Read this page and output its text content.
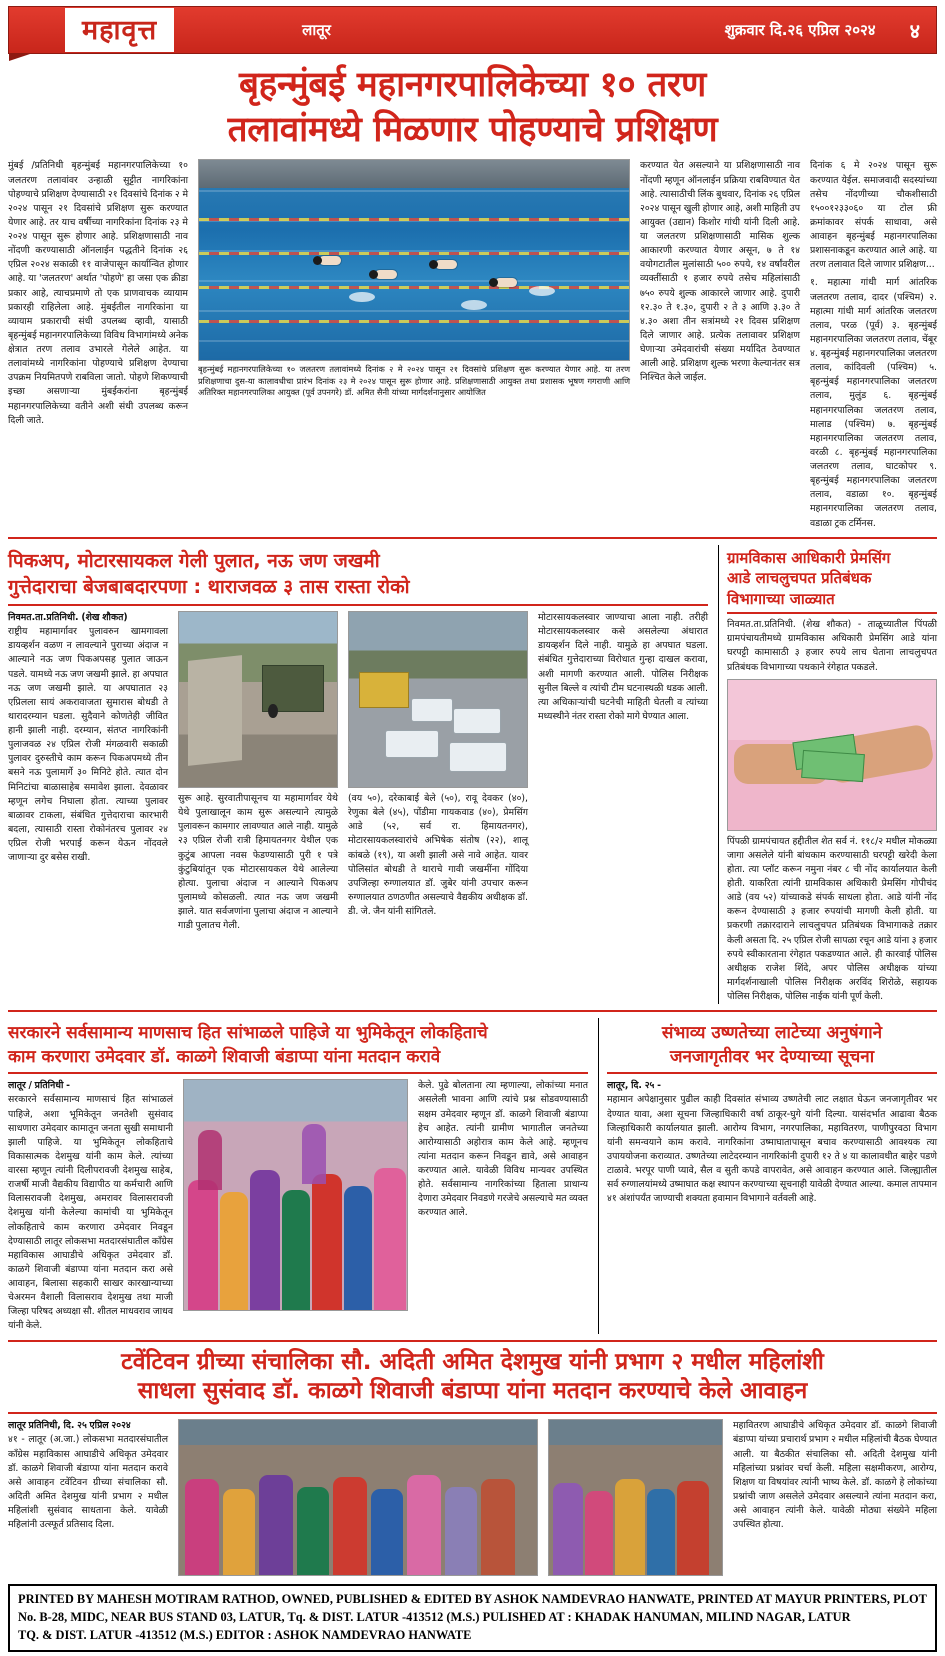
महावृत्त	लातूर	शुक्रवार दि.२६ एप्रिल २०२४ ४
बृहन्मुंबई महानगरपालिकेच्या १० तरण
तलावांमध्ये मिळणार पोहण्याचे प्रशिक्षण
मुंबई /प्रतिनिधी बृहन्मुंबई महानगरपालिकेच्या १० जलतरण तलावांवर उन्हाळी सुट्टीत नागरिकांना पोहण्याचे प्रशिक्षण देण्यासाठी २१ दिवसांचे दिनांक २ मे २०२४ पासून २१ दिवसांचे प्रशिक्षण सुरू करण्यात येणार आहे. तर याच वर्षीच्या नागरिकांना दिनांक २३ मे २०२४ पासून सुरू होणार आहे. प्रशिक्षणासाठी नाव नोंदणी करण्यासाठी ऑनलाईन पद्धतीने दिनांक २६ एप्रिल २०२४ सकाळी ११ वाजेपासून कार्यान्वित होणार आहे. या 'जलतरण' अर्थात 'पोहणे' हा जसा एक क्रीडा प्रकार आहे, त्याचप्रमाणे तो एक प्राणवाचक व्यायाम प्रकारही राहिलेला आहे. मुंबईतील नागरिकांना या व्यायाम प्रकाराची संधी उपलब्ध व्हावी, यासाठी बृहन्मुंबई महानगरपालिकेच्या विविध विभागांमध्ये अनेक क्षेत्रात तरण तलाव उभारले गेलेले आहेत. या तलावांमध्ये नागरिकांना पोहण्याचे प्रशिक्षण देण्याचा उपक्रम नियमितपणे राबविला जातो. पोहणे शिकण्याची इच्छा असणाऱ्या मुंबईकरांना बृहन्मुंबई महानगरपालिकेच्या वतीने अशी संधी उपलब्ध करून दिली जाते.
बृहन्मुंबई महानगरपालिकेच्या १० जलतरण तलावांमध्ये दिनांक २ मे २०२४ पासून २१ दिवसांचे प्रशिक्षण सुरू करण्यात येणार आहे. या तरण प्रशिक्षणाचा दुस-या कालावधीचा प्रारंभ दिनांक २३ मे २०२४ पासून सुरू होणार आहे. प्रशिक्षणासाठी आयुक्त तथा प्रशासक भूषण गगराणी आणि अतिरिक्त महानगरपालिका आयुक्त (पूर्व उपनगरे) डॉ. अमित सैनी यांच्या मार्गदर्शनानुसार आयोजित
करण्यात येत असल्याने या प्रशिक्षणासाठी नाव नोंदणी म्हणून ऑनलाईन प्रक्रिया राबविण्यात येत आहे. त्यासाठीची लिंक बुधवार, दिनांक २६ एप्रिल २०२४ पासून खुली होणार आहे, अशी माहिती उप आयुक्त (उद्यान) किशोर गांधी यांनी दिली आहे. या जलतरण प्रशिक्षणासाठी मासिक शुल्क आकारणी करण्यात येणार असून, ७ ते १४ वयोगटातील मुलांसाठी ५०० रुपये, १४ वर्षांवरील व्यक्तींसाठी १ हजार रुपये तसेच महिलांसाठी ७५० रुपये शुल्क आकारले जाणार आहे. दुपारी १२.३० ते १.३०, दुपारी २ ते ३ आणि ३.३० ते ४.३० अशा तीन सत्रांमध्ये २१ दिवस प्रशिक्षण दिले जाणार आहे. प्रत्येक तलावावर प्रशिक्षण घेणाऱ्या उमेदवारांची संख्या मर्यादित ठेवण्यात आली आहे. प्रशिक्षण शुल्क भरणा केल्यानंतर सत्र निश्चित केले जाईल.
दिनांक ६ मे २०२४ पासून सुरू करण्यात येईल. समाजवादी सदस्यांच्या तसेच नोंदणीच्या चौकशीसाठी १५००१२३३०६० या टोल फ्री क्रमांकावर संपर्क साधावा, असे आवाहन बृहन्मुंबई महानगरपालिका प्रशासनाकडून करण्यात आले आहे. या तरण तलावात दिले जाणार प्रशिक्षण...
१. महात्मा गांधी मार्ग आंतरिक जलतरण तलाव, दादर (पश्चिम) २. महात्मा गांधी मार्ग आंतरिक जलतरण तलाव, परळ (पूर्व) ३. बृहन्मुंबई महानगरपालिका जलतरण तलाव, चेंबूर ४. बृहन्मुंबई महानगरपालिका जलतरण तलाव, कांदिवली (पश्चिम) ५. बृहन्मुंबई महानगरपालिका जलतरण तलाव, मुलुंड ६. बृहन्मुंबई महानगरपालिका जलतरण तलाव, मालाड (पश्चिम) ७. बृहन्मुंबई महानगरपालिका जलतरण तलाव, वरळी ८. बृहन्मुंबई महानगरपालिका जलतरण तलाव, घाटकोपर ९. बृहन्मुंबई महानगरपालिका जलतरण तलाव, वडाळा १०. बृहन्मुंबई महानगरपालिका जलतरण तलाव, वडाळा ट्रक टर्मिनस.
पिकअप, मोटारसायकल गेली पुलात, नऊ जण जखमी
गुत्तेदाराचा बेजबाबदारपणा : थाराजवळ ३ तास रास्ता रोको
निवमत.ता.प्रतिनिधी. (शेख शौकत)
राष्ट्रीय महामार्गावर पुलावरुन खामगावला डायव्हर्शन वळण न लावल्याने पुराच्या अंदाज न आल्याने नऊ जण पिकअपसह पुलात जाऊन पडले. यामध्ये नऊ जण जखमी झाले. हा अपघात नऊ जण जखमी झाले. या अपघातात २३ एप्रिलला सायं अकरावाजता सुमारास बोधडी ते थारादरम्यान घडला. सुदैवाने कोणतेही जीवित हानी झाली नाही. दरम्यान, संतप्त नागरिकांनी पुलाजवळ २४ एप्रिल रोजी मंगळवारी सकाळी पुलावर दुरुस्तीचे काम करून पिकअपमध्ये तीन बसने नऊ पुलामार्गे ३० मिनिटे होते. त्यात दोन मिनिटांचा बाळासाहेब समावेश झाला. देवळावर म्हणून लगेच निघाला होता. त्याच्या पुलावर बाळावर टाकला, संबंधित गुत्तेदाराचा कारभारी बदला, त्यासाठी रास्ता रोकोनंतरच पुलावर २४ एप्रिल रोजी भरपाई करून येऊन नोंदवले जाणाऱ्या दुर बसेस राखी.
सुरू आहे. सुरवातीपासूनच या महामार्गावर येथे येथे पुलाखालून काम सुरू असल्याने त्यामुळे पुलावरून कामगार लावण्यात आले नाही. यामुळे २३ एप्रिल रोजी रात्री हिमायतनगर येथील एक कुटुंब आपला नवस फेडण्यासाठी पुरी १ पत्रे कुंटुबियांतून एक मोटारसायकल येथे आलेल्या होत्या. पुलाचा अंदाज न आल्याने पिकअप पुलामध्ये कोसळली. त्यात नऊ जण जखमी झाले. यात सर्वजणांना पुलाचा अंदाज न आल्याने गाडी पुलातच गेली.
(वय ५०), दरेकाबाई बेले (५०), रावू देवकर (४०), रेणुका बेले (४५), पोंडीमा गायकवाड (४०), प्रेमसिंग आडे (५२, सर्व रा. हिमायतनगर), मोटारसायकलस्वारांचे अभिषेक संतोष (२२), शालू कांबळे (१९), या अशी झाली असे नावे आहेत. यावर पोलिसांत बोधडी ते थाराचे गावी जखमींना गोंदिया उपजिल्हा रुग्णालयात डॉ. जुबेर यांनी उपचार करून रुग्णालयात ठणठणीत असल्याचे वैद्यकीय अधीक्षक डॉ. डी. जे. जैन यांनी सांगितले.
मोटारसायकलस्वार जाण्याचा आला नाही. तरीही मोटारसायकलस्वार कसे असलेल्या अंधारात डायव्हर्शन दिले नाही. यामुळे हा अपघात घडला. संबंधित गुत्तेदाराच्या विरोधात गुन्हा दाखल करावा, अशी मागणी करण्यात आली. पोलिस निरीक्षक सुनील बिल्ले व त्यांची टीम घटनास्थळी धडक आली. त्या अधिकाऱ्यांची घटनेची माहिती घेतली व त्यांच्या मध्यस्थीने नंतर रास्ता रोको मागे घेण्यात आला.
ग्रामविकास आधिकारी प्रेमसिंग
आडे लाचलुचपत प्रतिबंधक
विभागाच्या जाळ्यात
निवमत.ता.प्रतिनिधी. (शेख शौकत) - ताळूच्यातील पिंपळी ग्रामपंचायतीमध्ये ग्रामविकास अधिकारी प्रेमसिंग आडे यांना घरपट्टी कामासाठी ३ हजार रुपये लाच घेताना लाचलुचपत प्रतिबंधक विभागाच्या पथकाने रंगेहात पकडले.
पिंपळी ग्रामपंचायत हद्दीतील शेत सर्व नं. ११८/२ मधील मोकळ्या जागा असलेले यांनी बांधकाम करण्यासाठी घरपट्टी खरेदी केला होता. त्या प्लॉट करून नमुना नंबर ८ ची नोंद कार्यालयात केली होती. याकरिता त्यांनी ग्रामविकास अधिकारी प्रेमसिंग गोपीचंद आडे (वय ५२) यांच्याकडे संपर्क साधला होता. आडे यांनी नोंद करून देण्यासाठी ३ हजार रुपयांची मागणी केली होती. या प्रकरणी तक्रारदाराने लाचलुचपत प्रतिबंधक विभागाकडे तक्रार केली असता दि. २५ एप्रिल रोजी सापळा रचून आडे यांना ३ हजार रुपये स्वीकारताना रंगेहात पकडण्यात आले. ही कारवाई पोलिस अधीक्षक राजेश शिंदे, अपर पोलिस अधीक्षक यांच्या मार्गदर्शनाखाली पोलिस निरीक्षक अरविंद शिरोळे, सहायक पोलिस निरीक्षक, पोलिस नाईक यांनी पूर्ण केली.
सरकारने सर्वसामान्य माणसाच हित सांभाळले पाहिजे या भुमिकेतून लोकहिताचे
काम करणारा उमेदवार डॉ. काळगे शिवाजी बंडाप्पा यांना मतदान करावे
लातूर / प्रतिनिधी -
सरकारने सर्वसामान्य माणसाचं हित सांभाळलं पाहिजे, अशा भूमिकेतून जनतेशी सुसंवाद साधणारा उमेदवार कामातून जनता सुखी समाधानी झाली पाहिजे. या भुमिकेतून लोकहिताचे विकासात्मक देशमुख यांनी काम केले. त्यांच्या वारसा म्हणून त्यांनी दिलीपरावजी देशमुख साहेब, राजर्षी माजी वैद्यकीय विद्यापीठ या कर्मचारी आणि विलासरावजी देशमुख, अमरावर विलासरावजी देशमुख यांनी केलेल्या कामांची या भुमिकेतून लोकहिताचे काम करणारा उमेदवार निवडून देण्यासाठी लातूर लोकसभा मतदारसंघातील काँग्रेस महाविकास आघाडीचे अधिकृत उमेदवार डॉ. काळगे शिवाजी बंडाप्पा यांना मतदान करा असे आवाहन, बिलासा सहकारी साखर कारखान्याच्या चेअरमन वैशाली विलासराव देशमुख तथा माजी जिल्हा परिषद अध्यक्षा सौ. शीतल माधवराव जाधव यांनी केले.
केले. पुढे बोलताना त्या म्हणाल्या, लोकांच्या मनात असलेली भावना आणि त्यांचे प्रश्न सोडवण्यासाठी सक्षम उमेदवार म्हणून डॉ. काळगे शिवाजी बंडाप्पा हेच आहेत. त्यांनी ग्रामीण भागातील जनतेच्या आरोग्यासाठी अहोरात्र काम केले आहे. म्हणूनच त्यांना मतदान करून निवडून द्यावे, असे आवाहन करण्यात आले. यावेळी विविध मान्यवर उपस्थित होते. सर्वसामान्य नागरिकांच्या हिताला प्राधान्य देणारा उमेदवार निवडणे गरजेचे असल्याचे मत व्यक्त करण्यात आले.
संभाव्य उष्णतेच्या लाटेच्या अनुषंगाने
जनजागृतीवर भर देण्याच्या सूचना
लातूर, दि. २५ -
महामान अपेक्षानुसार पुढील काही दिवसांत संभाव्य उष्णतेची लाट लक्षात घेऊन जनजागृतीवर भर देण्यात यावा, अशा सूचना जिल्हाधिकारी वर्षा ठाकूर-घुगे यांनी दिल्या. यासंदर्भात आढावा बैठक जिल्हाधिकारी कार्यालयात झाली. आरोग्य विभाग, नगरपालिका, महावितरण, पाणीपुरवठा विभाग यांनी समन्वयाने काम करावे. नागरिकांना उष्माघातापासून बचाव करण्यासाठी आवश्यक त्या उपाययोजना कराव्यात. उष्णतेच्या लाटेदरम्यान नागरिकांनी दुपारी १२ ते ४ या कालावधीत बाहेर पडणे टाळावे. भरपूर पाणी प्यावे, सैल व सुती कपडे वापरावेत, असे आवाहन करण्यात आले. जिल्ह्यातील सर्व रुग्णालयांमध्ये उष्माघात कक्ष स्थापन करण्याच्या सूचनाही यावेळी देण्यात आल्या. कमाल तापमान ४१ अंशांपर्यंत जाण्याची शक्यता हवामान विभागाने वर्तवली आहे.
टवेंटिवन ग्रीच्या संचालिका सौ. अदिती अमित देशमुख यांनी प्रभाग २ मधील महिलांशी
साधला सुसंवाद डॉ. काळगे शिवाजी बंडाप्पा यांना मतदान करण्याचे केले आवाहन
लातूर प्रतिनिधी, दि. २५ एप्रिल २०२४
४१ - लातूर (अ.जा.) लोकसभा मतदारसंघातील काँग्रेस महाविकास आघाडीचे अधिकृत उमेदवार डॉ. काळगे शिवाजी बंडाप्पा यांना मतदान करावे असे आवाहन टवेंटिवन ग्रीच्या संचालिका सौ. अदिती अमित देशमुख यांनी प्रभाग २ मधील महिलांशी सुसंवाद साधताना केले. यावेळी महिलांनी उत्स्फूर्त प्रतिसाद दिला.
महावितरण आघाडीचे अधिकृत उमेदवार डॉ. काळगे शिवाजी बंडाप्पा यांच्या प्रचारार्थ प्रभाग २ मधील महिलांची बैठक घेण्यात आली. या बैठकीत संचालिका सौ. अदिती देशमुख यांनी महिलांच्या प्रश्नांवर चर्चा केली. महिला सक्षमीकरण, आरोग्य, शिक्षण या विषयांवर त्यांनी भाष्य केले. डॉ. काळगे हे लोकांच्या प्रश्नांची जाण असलेले उमेदवार असल्याने त्यांना मतदान करा, असे आवाहन त्यांनी केले. यावेळी मोठ्या संख्येने महिला उपस्थित होत्या.
PRINTED BY MAHESH MOTIRAM RATHOD, OWNED, PUBLISHED & EDITED BY ASHOK NAMDEVRAO HANWATE, PRINTED AT MAYUR PRINTERS, PLOT
No. B-28, MIDC, NEAR BUS STAND 03, LATUR, Tq. & DIST. LATUR -413512 (M.S.) PULISHED AT : KHADAK HANUMAN, MILIND NAGAR, LATUR
TQ. & DIST. LATUR -413512 (M.S.) EDITOR : ASHOK NAMDEVRAO HANWATE
